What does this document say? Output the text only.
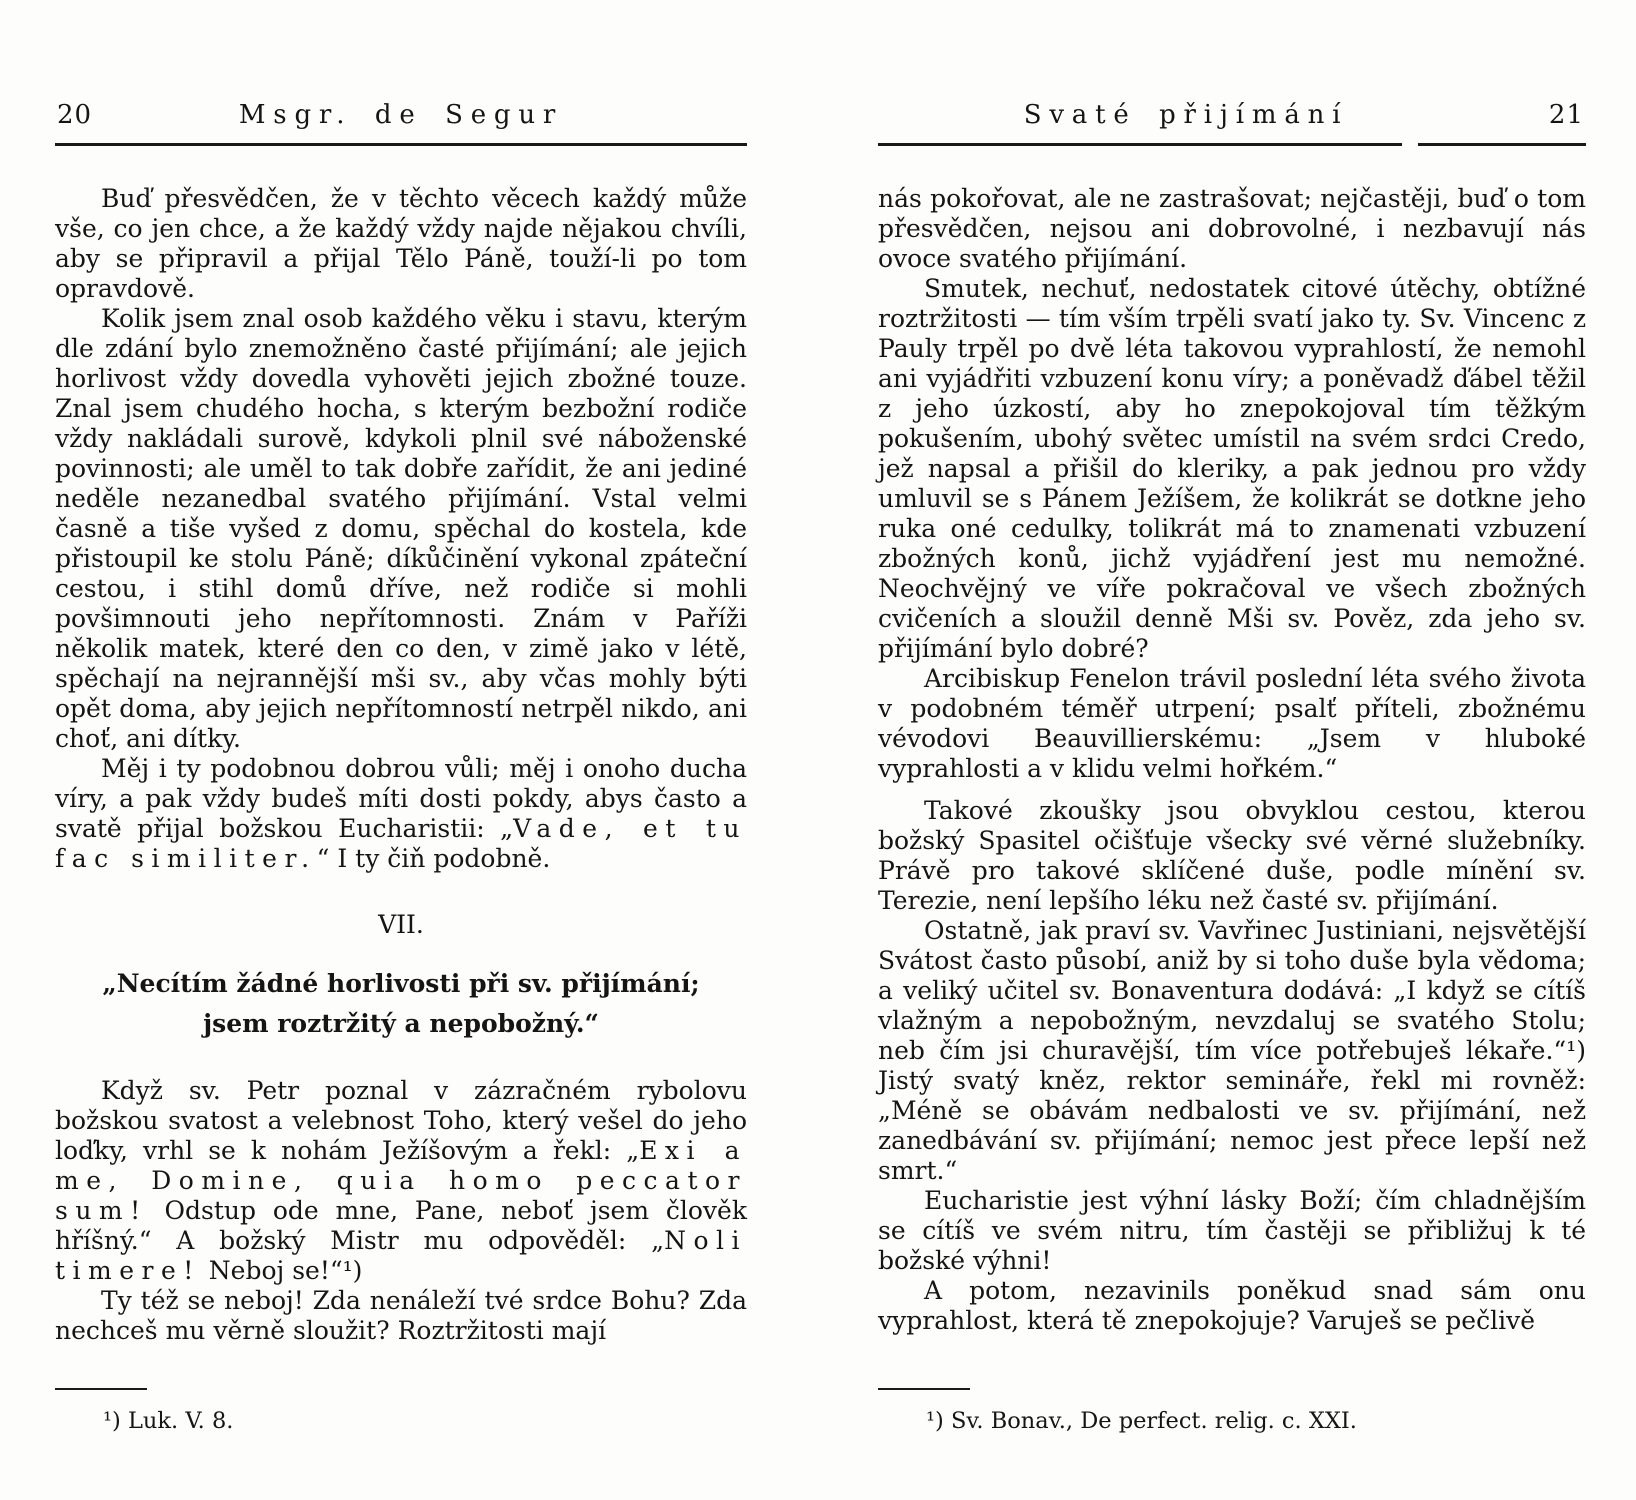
20	Msgr. de Segur

Buď přesvědčen, že v těchto věcech každý může vše, co jen chce, a že každý vždy najde nějakou chvíli, aby se připravil a přijal Tělo Páně, touží-li po tom opravdově.

Kolik jsem znal osob každého věku i stavu, kterým dle zdání bylo znemožněno časté přijímání; ale jejich horlivost vždy dovedla vyhověti jejich zbožné touze. Znal jsem chudého hocha, s kterým bezbožní rodiče vždy nakládali surově, kdykoli plnil své náboženské povinnosti; ale uměl to tak dobře zařídit, že ani jediné neděle nezanedbal svatého přijímání. Vstal velmi časně a tiše vyšed z domu, spěchal do kostela, kde přistoupil ke stolu Páně; díkůčinění vykonal zpáteční cestou, i stihl domů dříve, než rodiče si mohli povšimnouti jeho nepřítomnosti. Znám v Paříži několik matek, které den co den, v zimě jako v létě, spěchají na nejrannější mši sv., aby včas mohly býti opět doma, aby jejich nepřítomností netrpěl nikdo, ani choť, ani dítky.

Měj i ty podobnou dobrou vůli; měj i onoho ducha víry, a pak vždy budeš míti dosti pokdy, abys často a svatě přijal božskou Eucharistii: „Vade, et tu fac similiter.“ I ty čiň podobně.

VII.
„Necítím žádné horlivosti při sv. přijímání;
jsem roztržitý a nepobožný.“

Když sv. Petr poznal v zázračném rybolovu božskou svatost a velebnost Toho, který vešel do jeho loďky, vrhl se k nohám Ježíšovým a řekl: „Exi a me, Domine, quia homo peccator sum! Odstup ode mne, Pane, neboť jsem člověk hříšný.“ A božský Mistr mu odpověděl: „Noli timere! Neboj se!“¹)

Ty též se neboj! Zda nenáleží tvé srdce Bohu? Zda nechceš mu věrně sloužit? Roztržitosti mají

¹) Luk. V. 8.
Svaté přijímání	21

nás pokořovat, ale ne zastrašovat; nejčastěji, buď o tom přesvědčen, nejsou ani dobrovolné, i nezbavují nás ovoce svatého přijímání.

Smutek, nechuť, nedostatek citové útěchy, obtížné roztržitosti — tím vším trpěli svatí jako ty. Sv. Vincenc z Pauly trpěl po dvě léta takovou vyprahlostí, že nemohl ani vyjádřiti vzbuzení konu víry; a poněvadž ďábel těžil z jeho úzkostí, aby ho znepokojoval tím těžkým pokušením, ubohý světec umístil na svém srdci Credo, jež napsal a přišil do kleriky, a pak jednou pro vždy umluvil se s Pánem Ježíšem, že kolikrát se dotkne jeho ruka oné cedulky, tolikrát má to znamenati vzbuzení zbožných konů, jichž vyjádření jest mu nemožné. Neochvějný ve víře pokračoval ve všech zbožných cvičeních a sloužil denně Mši sv. Pověz, zda jeho sv. přijímání bylo dobré?

Arcibiskup Fenelon trávil poslední léta svého života v podobném téměř utrpení; psalť příteli, zbožnému vévodovi Beauvillierskému: „Jsem v hluboké vyprahlosti a v klidu velmi hořkém.“

Takové zkoušky jsou obvyklou cestou, kterou božský Spasitel očišťuje všecky své věrné služebníky. Právě pro takové sklíčené duše, podle mínění sv. Terezie, není lepšího léku než časté sv. přijímání.

Ostatně, jak praví sv. Vavřinec Justiniani, nejsvětější Svátost často působí, aniž by si toho duše byla vědoma; a veliký učitel sv. Bonaventura dodává: „I když se cítíš vlažným a nepobožným, nevzdaluj se svatého Stolu; neb čím jsi churavější, tím více potřebuješ lékaře.“¹) Jistý svatý kněz, rektor semináře, řekl mi rovněž: „Méně se obávám nedbalosti ve sv. přijímání, než zanedbávání sv. přijímání; nemoc jest přece lepší než smrt.“

Eucharistie jest výhní lásky Boží; čím chladnějším se cítíš ve svém nitru, tím častěji se přibližuj k té božské výhni!

A potom, nezavinils poněkud snad sám onu vyprahlost, která tě znepokojuje? Varuješ se pečlivě

¹) Sv. Bonav., De perfect. relig. c. XXI.
